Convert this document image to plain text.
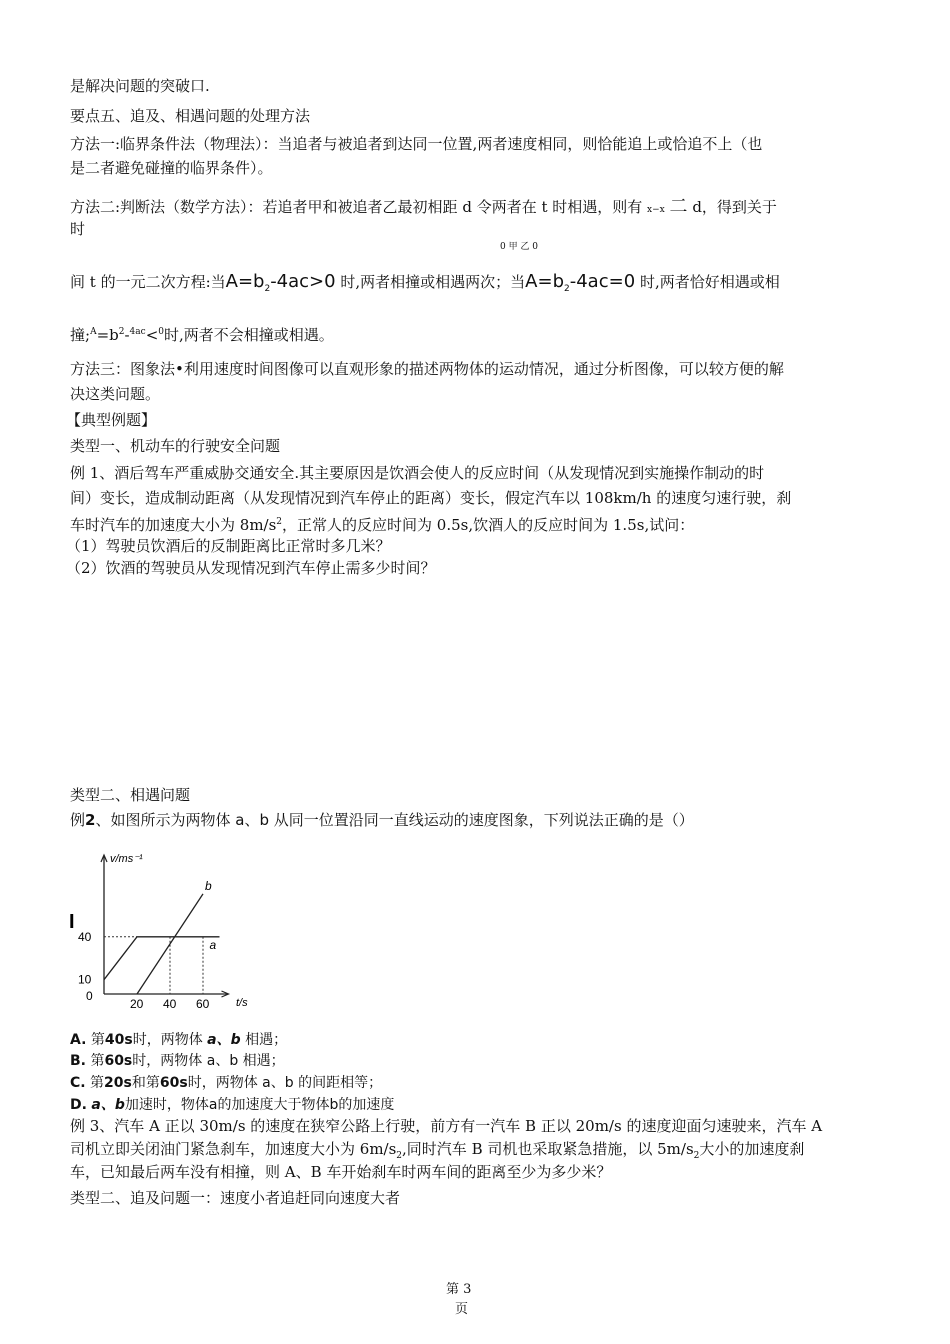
是解决问题的突破口.
要点五、追及、相遇问题的处理方法
方法一:临界条件法（物理法）：当追者与被追者到达同一位置,两者速度相同，则恰能追上或恰追不上（也
是二者避免碰撞的临界条件）。
方法二:判断法（数学方法）：若追者甲和被追者乙最初相距 d 令两者在 t 时相遇，则有 x−x 二 d，得到关于
时
0 甲 乙 0
间 t 的一元二次方程:当$A=b_2-4ac>0$ 时,两者相撞或相遇两次；当$A=b_2-4ac=0$ 时,两者恰好相遇或相
撞$;^A=b^2-^{4ac}<^0$时,两者不会相撞或相遇。
方法三：图象法•利用速度时间图像可以直观形象的描述两物体的运动情况，通过分析图像，可以较方便的解
决这类问题。
【典型例题】
类型一、机动车的行驶安全问题
例 1、酒后驾车严重威胁交通安全.其主要原因是饮酒会使人的反应时间（从发现情况到实施操作制动的时
间）变长，造成制动距离（从发现情况到汽车停止的距离）变长，假定汽车以 108km/h 的速度匀速行驶，刹
车时汽车的加速度大小为 $8m/s^2$，正常人的反应时间为 0.5s,饮酒人的反应时间为 1.5s,试问：
（1）驾驶员饮酒后的反制距离比正常时多几米？
（2）饮酒的驾驶员从发现情况到汽车停止需多少时间？
类型二、相遇问题
例2、如图所示为两物体 a、b 从同一位置沿同一直线运动的速度图象，下列说法正确的是（）
v/ms⁻¹
t/s
0
I
20 40 60
10
40
a
b
A. 第40s时，两物体 a、b 相遇；
B. 第60s时，两物体 a、b 相遇；
C. 第20s和第60s时，两物体 a、b 的间距相等；
D. a、b加速时，物体a的加速度大于物体b的加速度
例 3、汽车 A 正以 30m/s 的速度在狭窄公路上行驶，前方有一汽车 B 正以 20m/s 的速度迎面匀速驶来，汽车 A
司机立即关闭油门紧急刹车，加速度大小为 $6m/s_2$,同时汽车 B 司机也采取紧急措施，以 $5m/s_2$大小的加速度刹
车，已知最后两车没有相撞，则 A、B 车开始刹车时两车间的距离至少为多少米？
类型二、追及问题一：速度小者追赶同向速度大者
第 3
页
